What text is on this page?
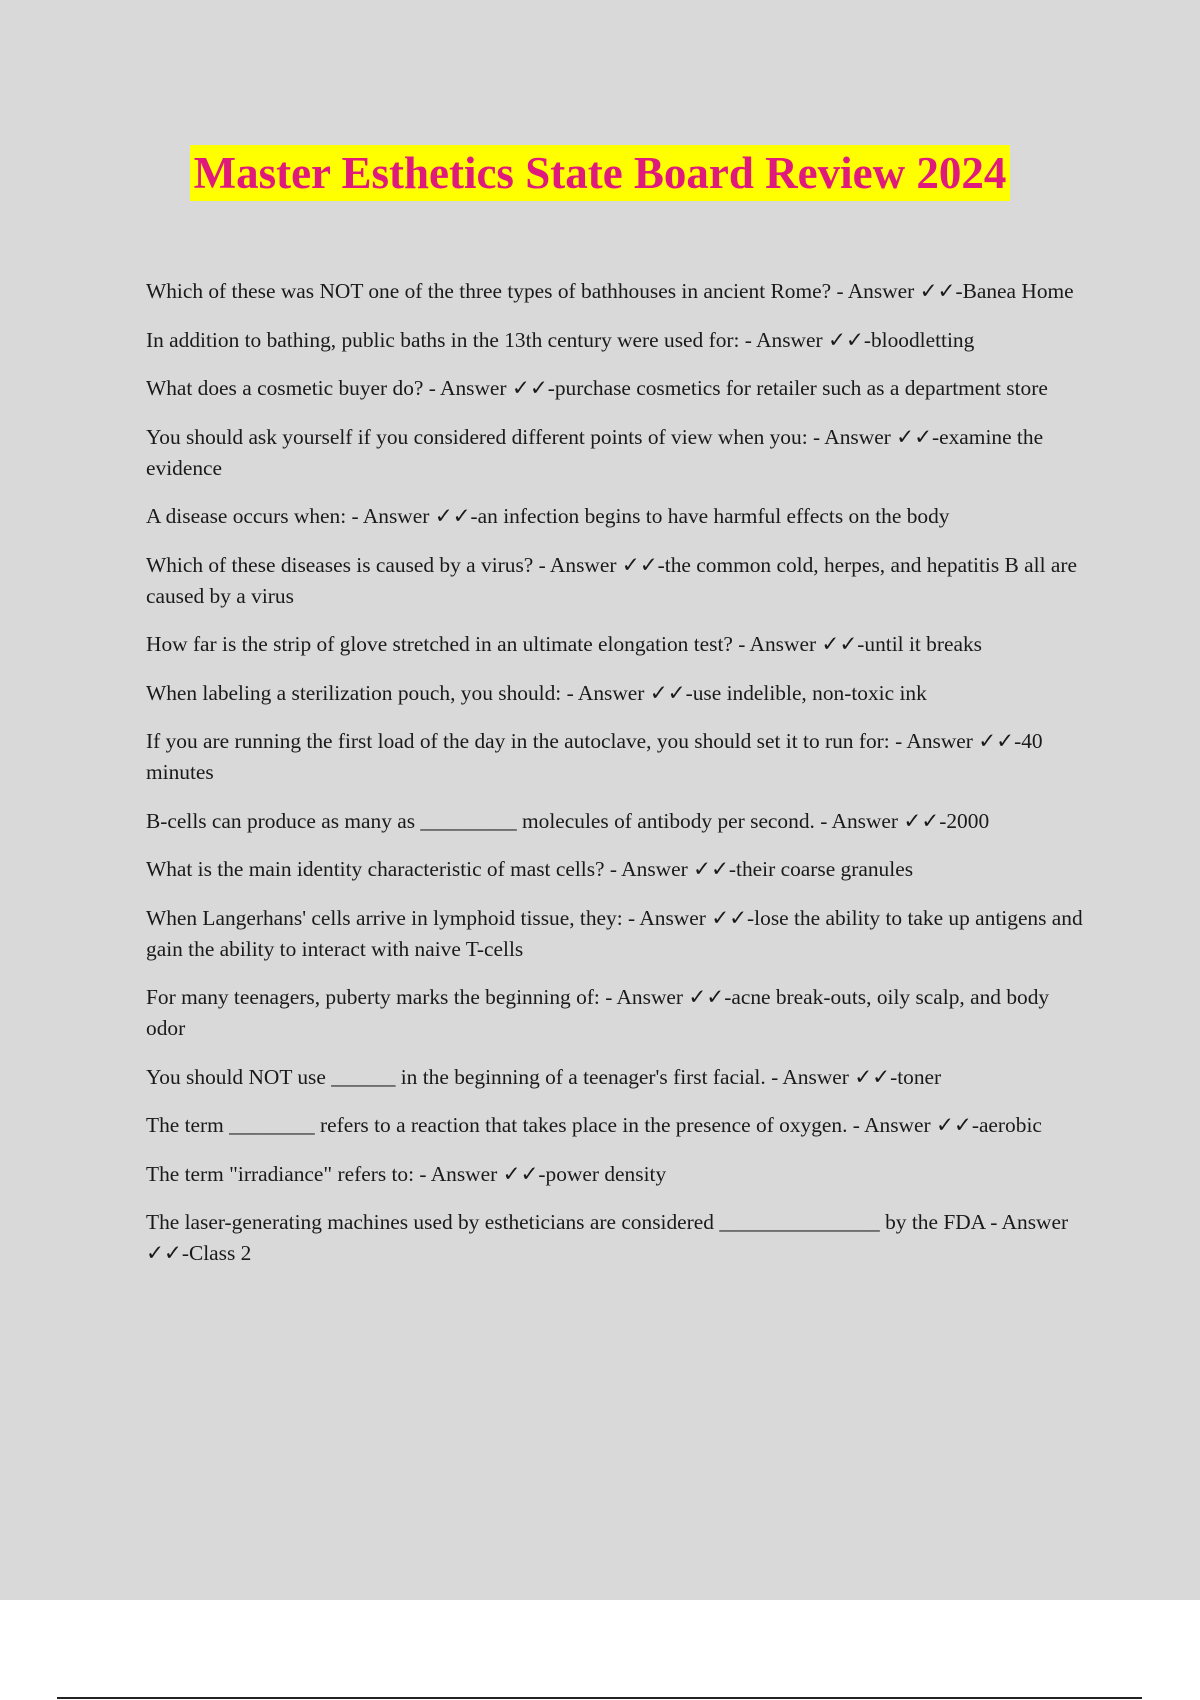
Master Esthetics State Board Review 2024
Which of these was NOT one of the three types of bathhouses in ancient Rome? - Answer ✓✓-Banea Home
In addition to bathing, public baths in the 13th century were used for: - Answer ✓✓-bloodletting
What does a cosmetic buyer do? - Answer ✓✓-purchase cosmetics for retailer such as a department store
You should ask yourself if you considered different points of view when you: - Answer ✓✓-examine the evidence
A disease occurs when: - Answer ✓✓-an infection begins to have harmful effects on the body
Which of these diseases is caused by a virus? - Answer ✓✓-the common cold, herpes, and hepatitis B all are caused by a virus
How far is the strip of glove stretched in an ultimate elongation test? - Answer ✓✓-until it breaks
When labeling a sterilization pouch, you should: - Answer ✓✓-use indelible, non-toxic ink
If you are running the first load of the day in the autoclave, you should set it to run for: - Answer ✓✓-40 minutes
B-cells can produce as many as _________ molecules of antibody per second. - Answer ✓✓-2000
What is the main identity characteristic of mast cells? - Answer ✓✓-their coarse granules
When Langerhans' cells arrive in lymphoid tissue, they: - Answer ✓✓-lose the ability to take up antigens and gain the ability to interact with naive T-cells
For many teenagers, puberty marks the beginning of: - Answer ✓✓-acne break-outs, oily scalp, and body odor
You should NOT use ______ in the beginning of a teenager's first facial. - Answer ✓✓-toner
The term ________ refers to a reaction that takes place in the presence of oxygen. - Answer ✓✓-aerobic
The term "irradiance" refers to: - Answer ✓✓-power density
The laser-generating machines used by estheticians are considered _______________ by the FDA - Answer ✓✓-Class 2
